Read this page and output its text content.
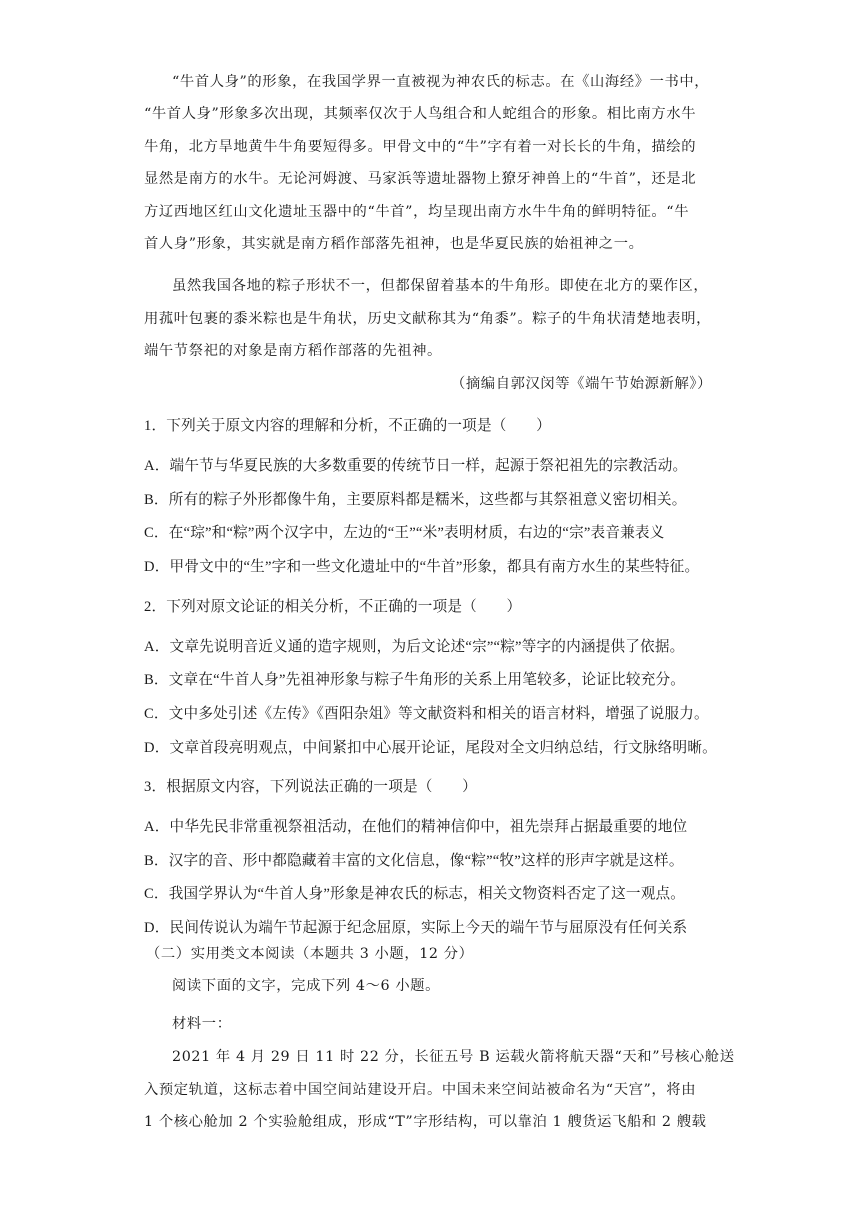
“牛首人身”的形象，在我国学界一直被视为神农氏的标志。在《山海经》一书中，
“牛首人身”形象多次出现，其频率仅次于人鸟组合和人蛇组合的形象。相比南方水牛
牛角，北方旱地黄牛牛角要短得多。甲骨文中的“牛”字有着一对长长的牛角，描绘的
显然是南方的水牛。无论河姆渡、马家浜等遗址器物上獠牙神兽上的“牛首”，还是北
方辽西地区红山文化遗址玉器中的“牛首”，均呈现出南方水牛牛角的鲜明特征。“牛
首人身”形象，其实就是南方稻作部落先祖神，也是华夏民族的始祖神之一。
虽然我国各地的粽子形状不一，但都保留着基本的牛角形。即使在北方的粟作区，
用菰叶包裹的黍米粽也是牛角状，历史文献称其为“角黍”。粽子的牛角状清楚地表明，
端午节祭祀的对象是南方稻作部落的先祖神。
（摘编自郭汉闵等《端午节始源新解》）
1．下列关于原文内容的理解和分析，不正确的一项是（　　）
A．端午节与华夏民族的大多数重要的传统节日一样，起源于祭祀祖先的宗教活动。
B．所有的粽子外形都像牛角，主要原料都是糯米，这些都与其祭祖意义密切相关。
C．在“琮”和“粽”两个汉字中，左边的“王”“米”表明材质，右边的“宗”表音兼表义
D．甲骨文中的“生”字和一些文化遗址中的“牛首”形象，都具有南方水生的某些特征。
2．下列对原文论证的相关分析，不正确的一项是（　　）
A．文章先说明音近义通的造字规则，为后文论述“宗”“粽”等字的内涵提供了依据。
B．文章在“牛首人身”先祖神形象与粽子牛角形的关系上用笔较多，论证比较充分。
C．文中多处引述《左传》《酉阳杂俎》等文献资料和相关的语言材料，增强了说服力。
D．文章首段亮明观点，中间紧扣中心展开论证，尾段对全文归纳总结，行文脉络明晰。
3．根据原文内容，下列说法正确的一项是（　　）
A．中华先民非常重视祭祖活动，在他们的精神信仰中，祖先崇拜占据最重要的地位
B．汉字的音、形中都隐藏着丰富的文化信息，像“粽”“牧”这样的形声字就是这样。
C．我国学界认为“牛首人身”形象是神农氏的标志，相关文物资料否定了这一观点。
D．民间传说认为端午节起源于纪念屈原，实际上今天的端午节与屈原没有任何关系
（二）实用类文本阅读（本题共 3 小题，12 分）
阅读下面的文字，完成下列 4～6 小题。
材料一：
2021 年 4 月 29 日 11 时 22 分，长征五号 B 运载火箭将航天器“天和”号核心舱送
入预定轨道，这标志着中国空间站建设开启。中国未来空间站被命名为“天宫”，将由
1 个核心舱加 2 个实验舱组成，形成“T”字形结构，可以靠泊 1 艘货运飞船和 2 艘载
